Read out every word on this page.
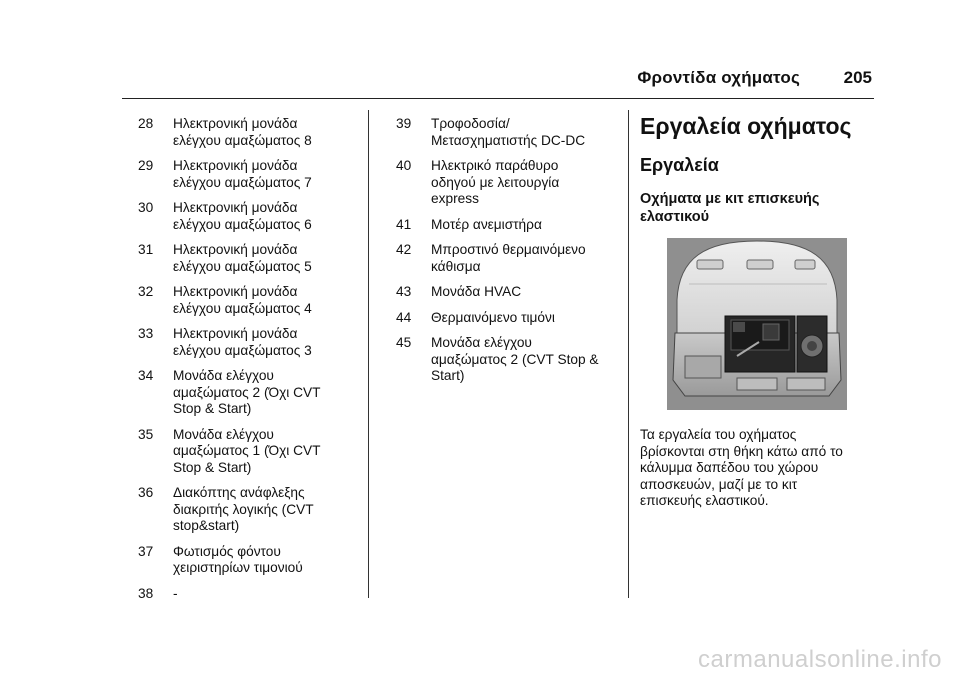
Φροντίδα οχήματος	205
28	Ηλεκτρονική μονάδα
ελέγχου αμαξώματος 8
29	Ηλεκτρονική μονάδα
ελέγχου αμαξώματος 7
30	Ηλεκτρονική μονάδα
ελέγχου αμαξώματος 6
31	Ηλεκτρονική μονάδα
ελέγχου αμαξώματος 5
32	Ηλεκτρονική μονάδα
ελέγχου αμαξώματος 4
33	Ηλεκτρονική μονάδα
ελέγχου αμαξώματος 3
34	Μονάδα ελέγχου
αμαξώματος 2 (Όχι CVT
Stop & Start)
35	Μονάδα ελέγχου
αμαξώματος 1 (Όχι CVT
Stop & Start)
36	Διακόπτης ανάφλεξης
διακριτής λογικής (CVT
stop&start)
37	Φωτισμός φόντου
χειριστηρίων τιμονιού
38	-
39	Τροφοδοσία/
Μετασχηματιστής DC-DC
40	Ηλεκτρικό παράθυρο
οδηγού με λειτουργία
express
41	Μοτέρ ανεμιστήρα
42	Μπροστινό θερμαινόμενο
κάθισμα
43	Μονάδα HVAC
44	Θερμαινόμενο τιμόνι
45	Μονάδα ελέγχου
αμαξώματος 2 (CVT Stop &
Start)
Εργαλεία οχήματος
Εργαλεία
Οχήματα με κιτ επισκευής
ελαστικού
Τα εργαλεία του οχήματος
βρίσκονται στη θήκη κάτω από το
κάλυμμα δαπέδου του χώρου
αποσκευών, μαζί με το κιτ
επισκευής ελαστικού.
carmanualsonline.info
